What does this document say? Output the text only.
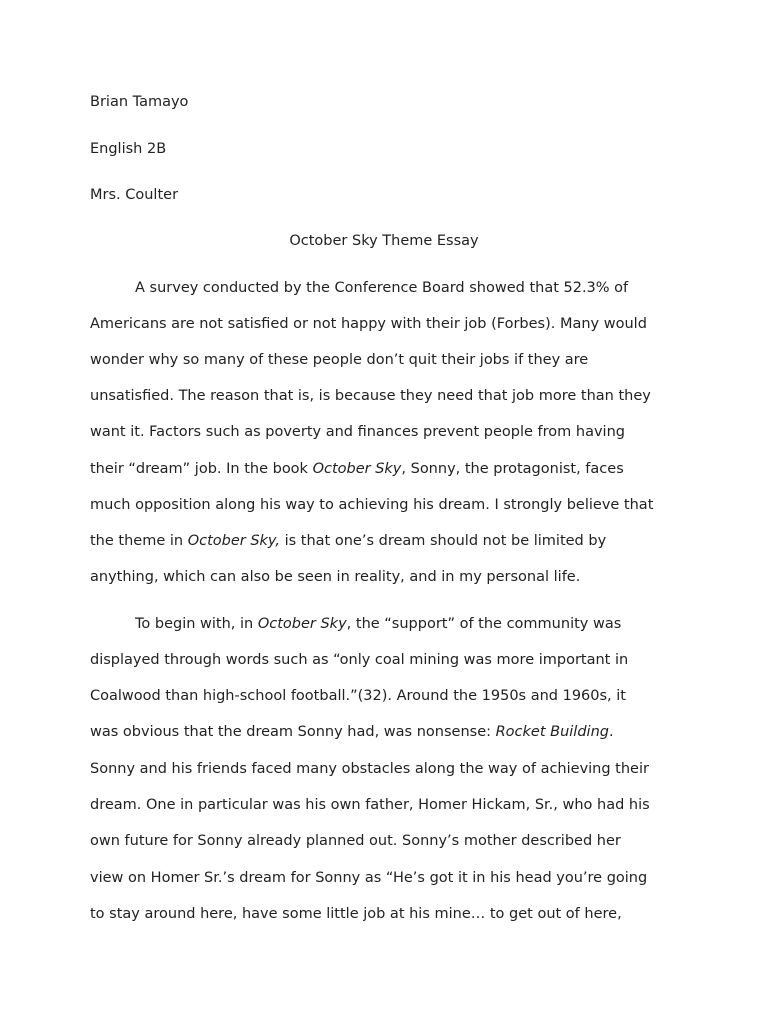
Brian Tamayo
English 2B
Mrs. Coulter
October Sky Theme Essay
A survey conducted by the Conference Board showed that 52.3% of
Americans are not satisfied or not happy with their job (Forbes). Many would
wonder why so many of these people don’t quit their jobs if they are
unsatisfied. The reason that is, is because they need that job more than they
want it. Factors such as poverty and finances prevent people from having
their “dream” job. In the book October Sky, Sonny, the protagonist, faces
much opposition along his way to achieving his dream. I strongly believe that
the theme in October Sky, is that one’s dream should not be limited by
anything, which can also be seen in reality, and in my personal life.
To begin with, in October Sky, the “support” of the community was
displayed through words such as “only coal mining was more important in
Coalwood than high-school football.”(32). Around the 1950s and 1960s, it
was obvious that the dream Sonny had, was nonsense: Rocket Building.
Sonny and his friends faced many obstacles along the way of achieving their
dream. One in particular was his own father, Homer Hickam, Sr., who had his
own future for Sonny already planned out. Sonny’s mother described her
view on Homer Sr.’s dream for Sonny as “He’s got it in his head you’re going
to stay around here, have some little job at his mine… to get out of here,
